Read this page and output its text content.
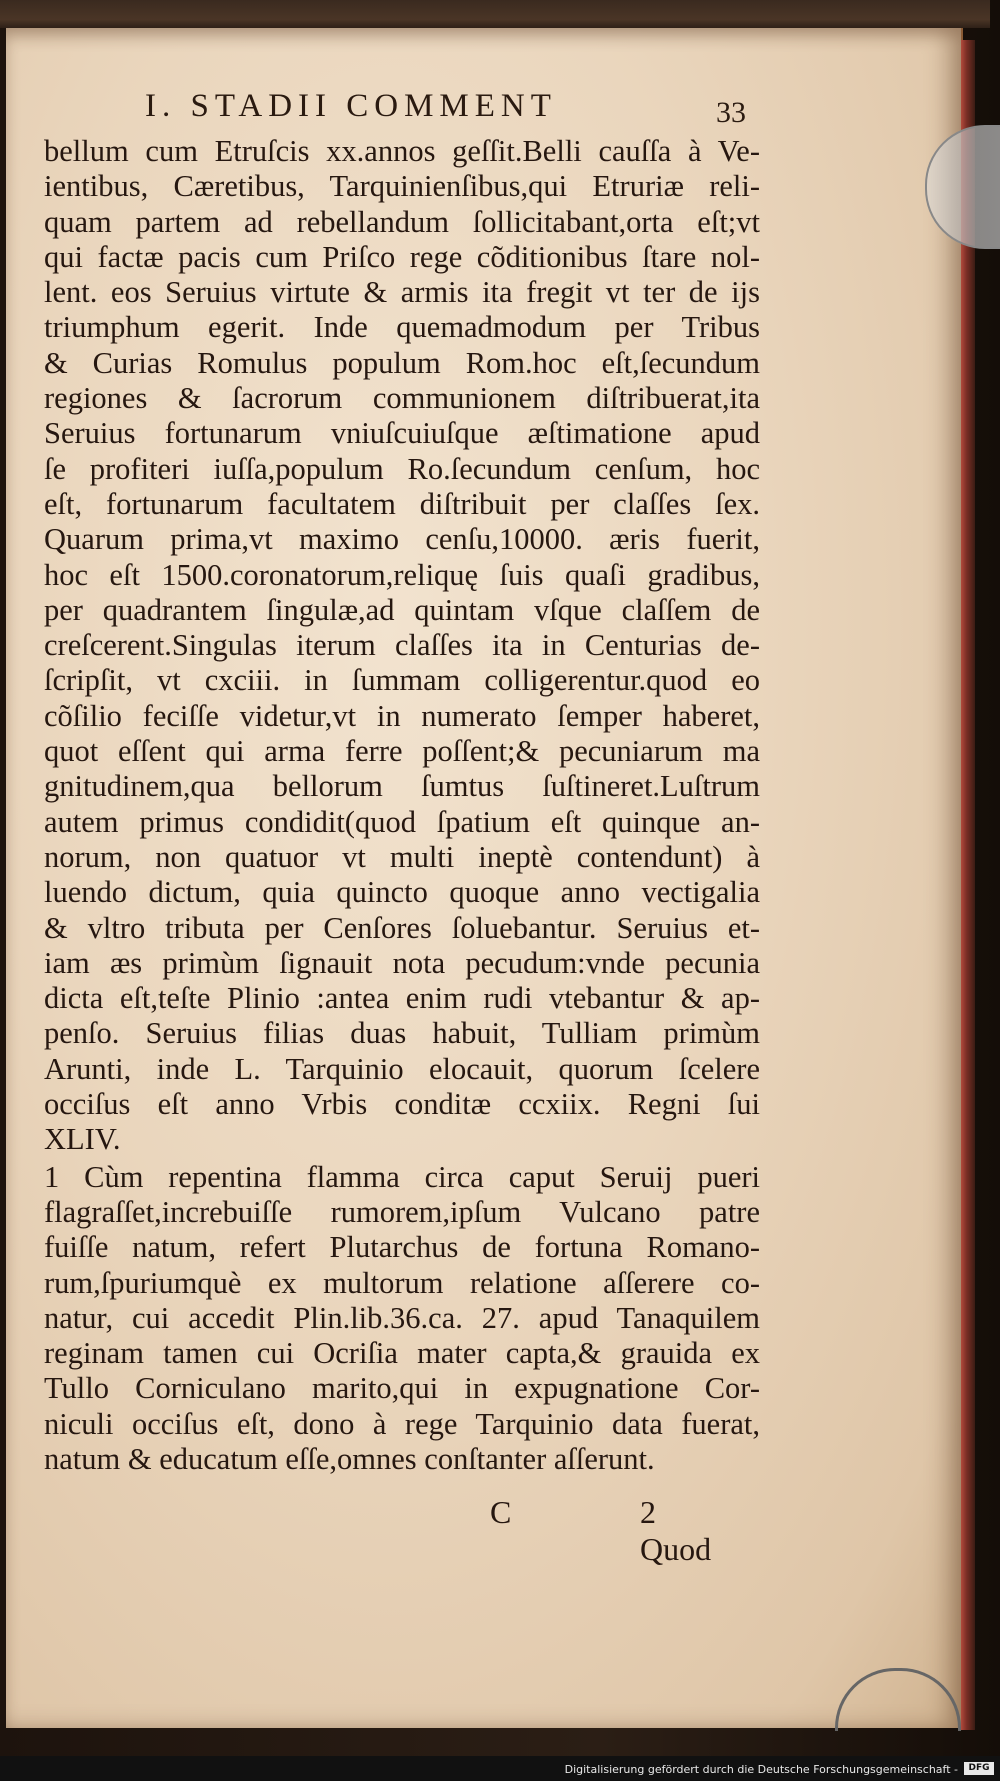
I. STADII COMMENT	33
bellum cum Etruſcis xx.annos geſſit.Belli cauſſa à Ve-
ientibus, Cæretibus, Tarquinienſibus,qui Etruriæ reli-
quam partem ad rebellandum ſollicitabant,orta eſt;vt
qui factæ pacis cum Priſco rege cõditionibus ſtare nol-
lent. eos Seruius virtute & armis ita fregit vt ter de ijs
triumphum egerit. Inde quemadmodum per Tribus
& Curias Romulus populum Rom.hoc eſt,ſecundum
regiones & ſacrorum communionem diſtribuerat,ita
Seruius fortunarum vniuſcuiuſque æſtimatione apud
ſe profiteri iuſſa,populum Ro.ſecundum cenſum, hoc
eſt, fortunarum facultatem diſtribuit per claſſes ſex.
Quarum prima,vt maximo cenſu,10000. æris fuerit,
hoc eſt 1500.coronatorum,reliquę ſuis quaſi gradibus,
per quadrantem ſingulæ,ad quintam vſque claſſem de
creſcerent.Singulas iterum claſſes ita in Centurias de-
ſcripſit, vt cxciii. in ſummam colligerentur.quod eo
cõſilio feciſſe videtur,vt in numerato ſemper haberet,
quot eſſent qui arma ferre poſſent;& pecuniarum ma
gnitudinem,qua bellorum ſumtus ſuſtineret.Luſtrum
autem primus condidit(quod ſpatium eſt quinque an-
norum, non quatuor vt multi ineptè contendunt) à
luendo dictum, quia quincto quoque anno vectigalia
& vltro tributa per Cenſores ſoluebantur. Seruius et-
iam æs primùm ſignauit nota pecudum:vnde pecunia
dicta eſt,teſte Plinio :antea enim rudi vtebantur & ap-
penſo. Seruius filias duas habuit, Tulliam primùm
Arunti, inde L. Tarquinio elocauit, quorum ſcelere
occiſus eſt anno Vrbis conditæ ccxiix. Regni ſui
XLIV.
1 Cùm repentina flamma circa caput Seruij pueri
flagraſſet,increbuiſſe rumorem,ipſum Vulcano patre
fuiſſe natum, refert Plutarchus de fortuna Romano-
rum,ſpuriumquè ex multorum relatione aſſerere co-
natur, cui accedit Plin.lib.36.ca. 27. apud Tanaquilem
reginam tamen cui Ocriſia mater capta,& grauida ex
Tullo Corniculano marito,qui in expugnatione Cor-
niculi occiſus eſt, dono à rege Tarquinio data fuerat,
natum & educatum eſſe,omnes conſtanter aſſerunt.
C	2 Quod
Digitalisierung gefördert durch die Deutsche Forschungsgemeinschaft -	DFG
